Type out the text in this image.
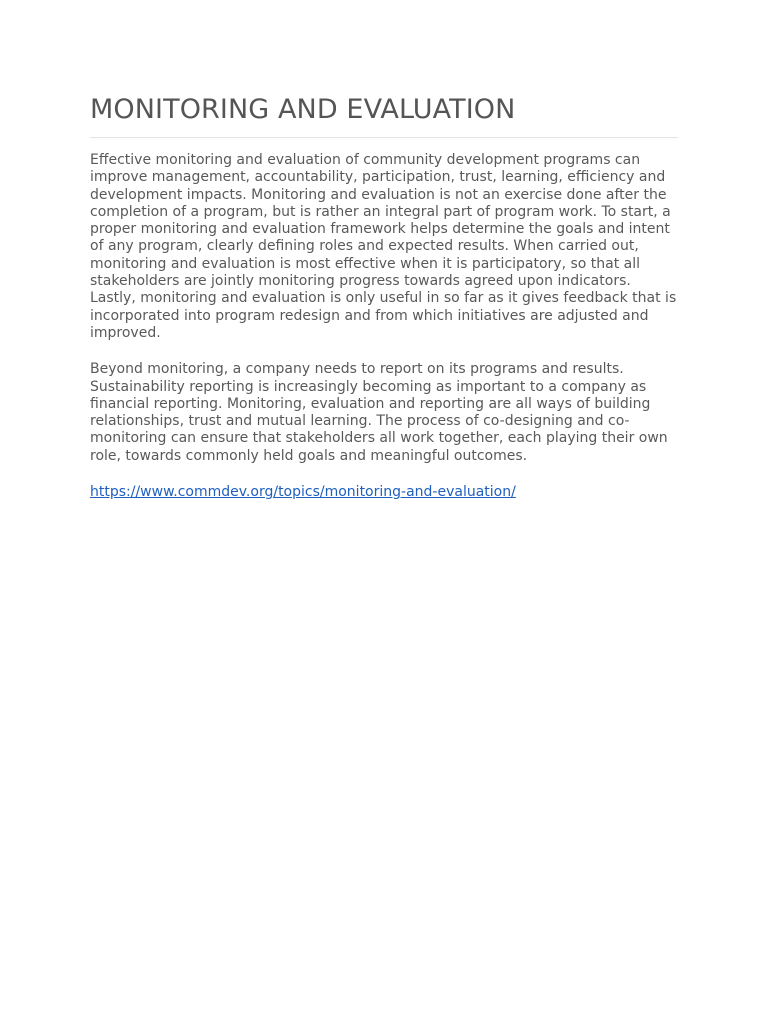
MONITORING AND EVALUATION

Effective monitoring and evaluation of community development programs can improve management, accountability, participation, trust, learning, efficiency and development impacts. Monitoring and evaluation is not an exercise done after the completion of a program, but is rather an integral part of program work. To start, a proper monitoring and evaluation framework helps determine the goals and intent of any program, clearly defining roles and expected results. When carried out, monitoring and evaluation is most effective when it is participatory, so that all stakeholders are jointly monitoring progress towards agreed upon indicators. Lastly, monitoring and evaluation is only useful in so far as it gives feedback that is incorporated into program redesign and from which initiatives are adjusted and improved.

Beyond monitoring, a company needs to report on its programs and results. Sustainability reporting is increasingly becoming as important to a company as financial reporting. Monitoring, evaluation and reporting are all ways of building relationships, trust and mutual learning. The process of co-designing and co-monitoring can ensure that stakeholders all work together, each playing their own role, towards commonly held goals and meaningful outcomes.

https://www.commdev.org/topics/monitoring-and-evaluation/
